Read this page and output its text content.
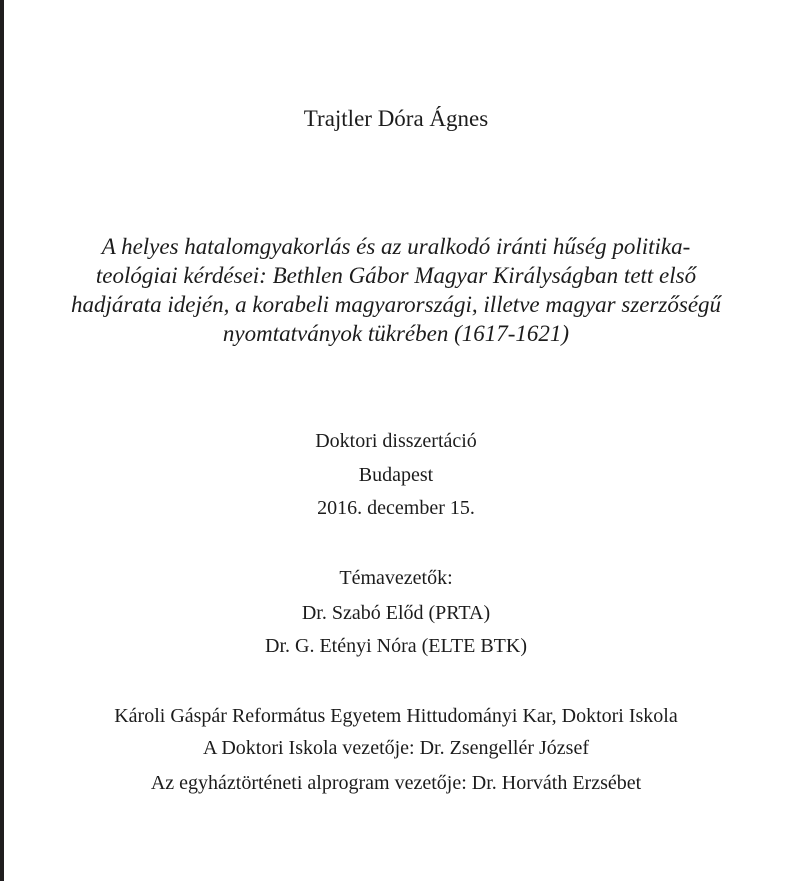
Trajtler Dóra Ágnes
A helyes hatalomgyakorlás és az uralkodó iránti hűség politika-
teológiai kérdései: Bethlen Gábor Magyar Királyságban tett első
hadjárata idején, a korabeli magyarországi, illetve magyar szerzőségű
nyomtatványok tükrében (1617-1621)
Doktori disszertáció
Budapest
2016. december 15.
Témavezetők:
Dr. Szabó Előd (PRTA)
Dr. G. Etényi Nóra (ELTE BTK)
Károli Gáspár Református Egyetem Hittudományi Kar, Doktori Iskola
A Doktori Iskola vezetője: Dr. Zsengellér József
Az egyháztörténeti alprogram vezetője: Dr. Horváth Erzsébet
